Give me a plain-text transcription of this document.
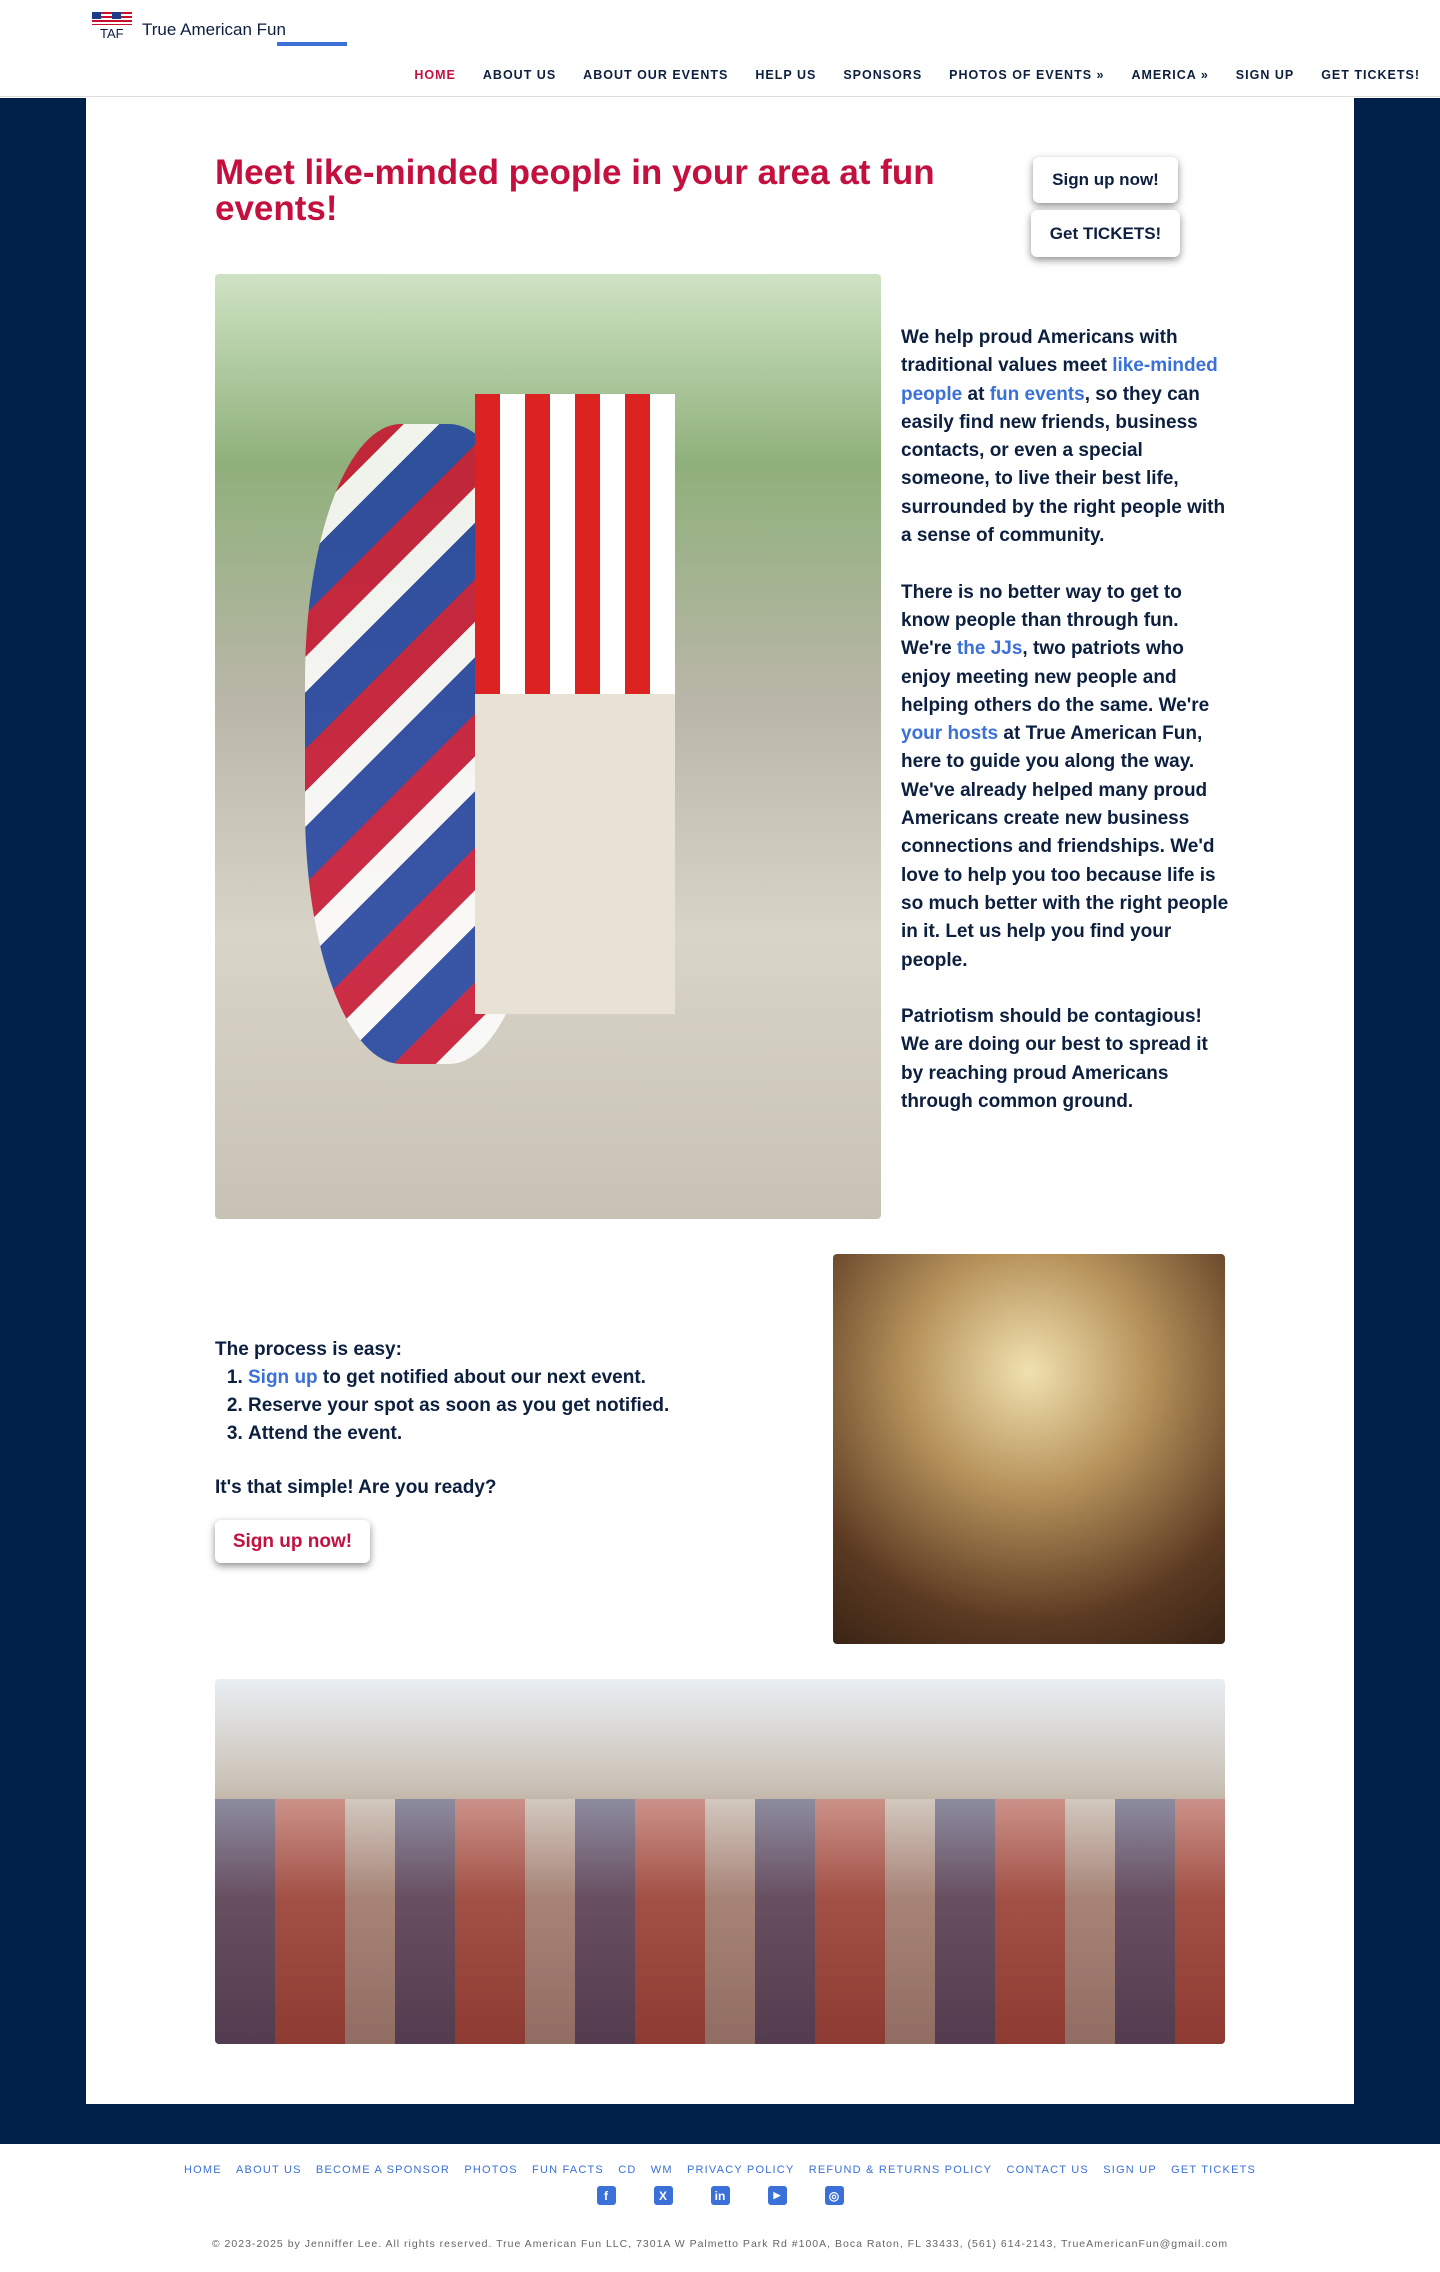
TAF True American Fun
HOME ABOUT US ABOUT OUR EVENTS HELP US SPONSORS PHOTOS OF EVENTS » AMERICA » SIGN UP GET TICKETS!
Meet like-minded people in your area at fun events!
Sign up now!
Get TICKETS!

We help proud Americans with traditional values meet like-minded people at fun events, so they can easily find new friends, business contacts, or even a special someone, to live their best life, surrounded by the right people with a sense of community.

There is no better way to get to know people than through fun. We're the JJs, two patriots who enjoy meeting new people and helping others do the same. We're your hosts at True American Fun, here to guide you along the way. We've already helped many proud Americans create new business connections and friendships. We'd love to help you too because life is so much better with the right people in it. Let us help you find your people.

Patriotism should be contagious! We are doing our best to spread it by reaching proud Americans through common ground.

The process is easy:
1. Sign up to get notified about our next event.
2. Reserve your spot as soon as you get notified.
3. Attend the event.
It's that simple! Are you ready?
Sign up now!
HOME ABOUT US BECOME A SPONSOR PHOTOS FUN FACTS CD WM PRIVACY POLICY REFUND & RETURNS POLICY CONTACT US SIGN UP GET TICKETS
f	X	in	▶	◎
© 2023-2025 by Jenniffer Lee. All rights reserved. True American Fun LLC, 7301A W Palmetto Park Rd #100A, Boca Raton, FL 33433, (561) 614-2143, TrueAmericanFun@gmail.com
